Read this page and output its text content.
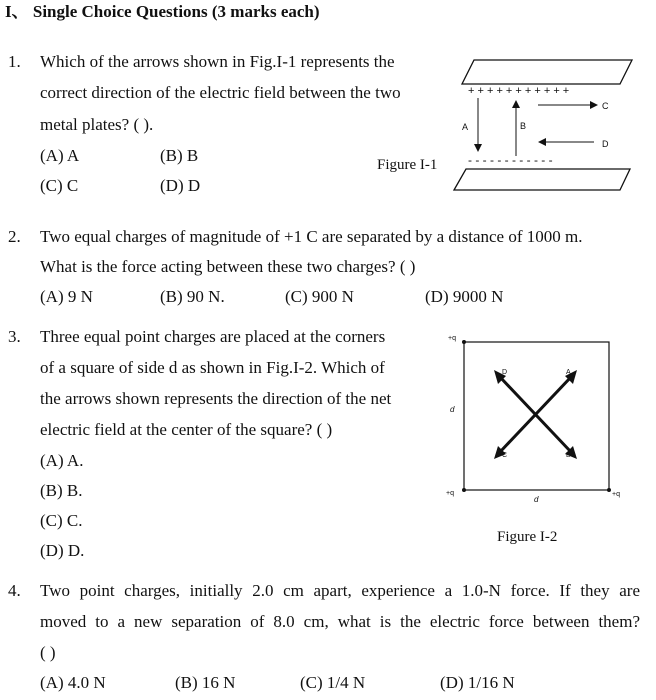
I、 Single Choice Questions (3 marks each)
1. Which of the arrows shown in Fig.I-1 represents the
correct direction of the electric field between the two
metal plates? ( ).
(A) A	(B) B
(C) C	(D) D
Figure I-1
+ + + + + + + + + + +
A	B
C
D
- - - - - - - - - - - -
2. Two equal charges of magnitude of +1 C are separated by a distance of 1000 m.
What is the force acting between these two charges? ( )
(A) 9 N	(B) 90 N.	(C) 900 N	(D) 9000 N
3. Three equal point charges are placed at the corners
of a square of side d as shown in Fig.I-2. Which of
the arrows shown represents the direction of the net
electric field at the center of the square? ( )
(A) A.
(B) B.
(C) C.
(D) D.
Figure I-2
+q
+q	+q
d
d
A
B
C
D
4. Two point charges, initially 2.0 cm apart, experience a 1.0-N force. If they are
moved to a new separation of 8.0 cm, what is the electric force between them?
( )
(A) 4.0 N	(B) 16 N	(C) 1/4 N	(D) 1/16 N
